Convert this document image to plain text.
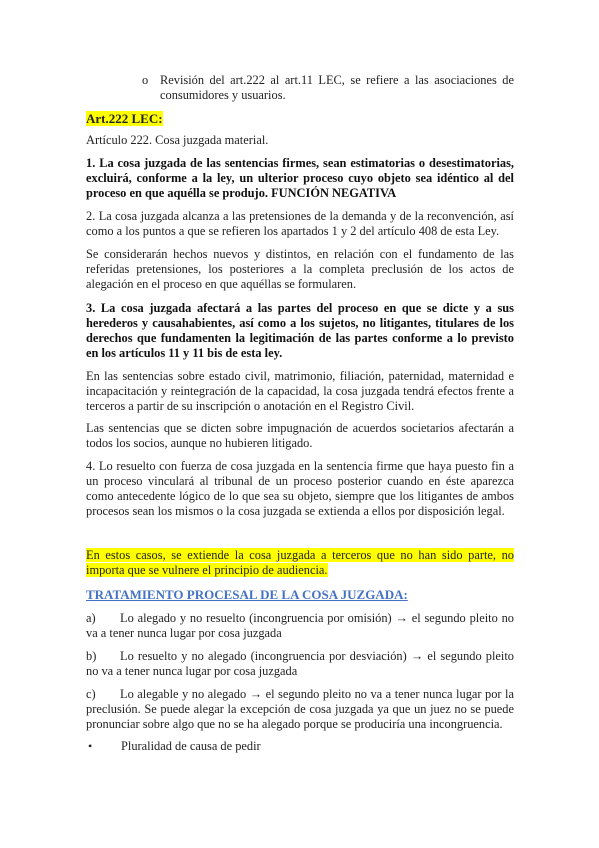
o Revisión del art.222 al art.11 LEC, se refiere a las asociaciones de consumidores y usuarios.
Art.222 LEC:
Artículo 222. Cosa juzgada material.
1. La cosa juzgada de las sentencias firmes, sean estimatorias o desestimatorias, excluirá, conforme a la ley, un ulterior proceso cuyo objeto sea idéntico al del proceso en que aquélla se produjo. FUNCIÓN NEGATIVA
2. La cosa juzgada alcanza a las pretensiones de la demanda y de la reconvención, así como a los puntos a que se refieren los apartados 1 y 2 del artículo 408 de esta Ley.
Se considerarán hechos nuevos y distintos, en relación con el fundamento de las referidas pretensiones, los posteriores a la completa preclusión de los actos de alegación en el proceso en que aquéllas se formularen.
3. La cosa juzgada afectará a las partes del proceso en que se dicte y a sus herederos y causahabientes, así como a los sujetos, no litigantes, titulares de los derechos que fundamenten la legitimación de las partes conforme a lo previsto en los artículos 11 y 11 bis de esta ley.
En las sentencias sobre estado civil, matrimonio, filiación, paternidad, maternidad e incapacitación y reintegración de la capacidad, la cosa juzgada tendrá efectos frente a terceros a partir de su inscripción o anotación en el Registro Civil.
Las sentencias que se dicten sobre impugnación de acuerdos societarios afectarán a todos los socios, aunque no hubieren litigado.
4. Lo resuelto con fuerza de cosa juzgada en la sentencia firme que haya puesto fin a un proceso vinculará al tribunal de un proceso posterior cuando en éste aparezca como antecedente lógico de lo que sea su objeto, siempre que los litigantes de ambos procesos sean los mismos o la cosa juzgada se extienda a ellos por disposición legal.
En estos casos, se extiende la cosa juzgada a terceros que no han sido parte, no importa que se vulnere el principio de audiencia.
TRATAMIENTO PROCESAL DE LA COSA JUZGADA:
a)	Lo alegado y no resuelto (incongruencia por omisión) → el segundo pleito no va a tener nunca lugar por cosa juzgada
b)	Lo resuelto y no alegado (incongruencia por desviación) → el segundo pleito no va a tener nunca lugar por cosa juzgada
c)	Lo alegable y no alegado → el segundo pleito no va a tener nunca lugar por la preclusión. Se puede alegar la excepción de cosa juzgada ya que un juez no se puede pronunciar sobre algo que no se ha alegado porque se produciría una incongruencia.
• Pluralidad de causa de pedir
